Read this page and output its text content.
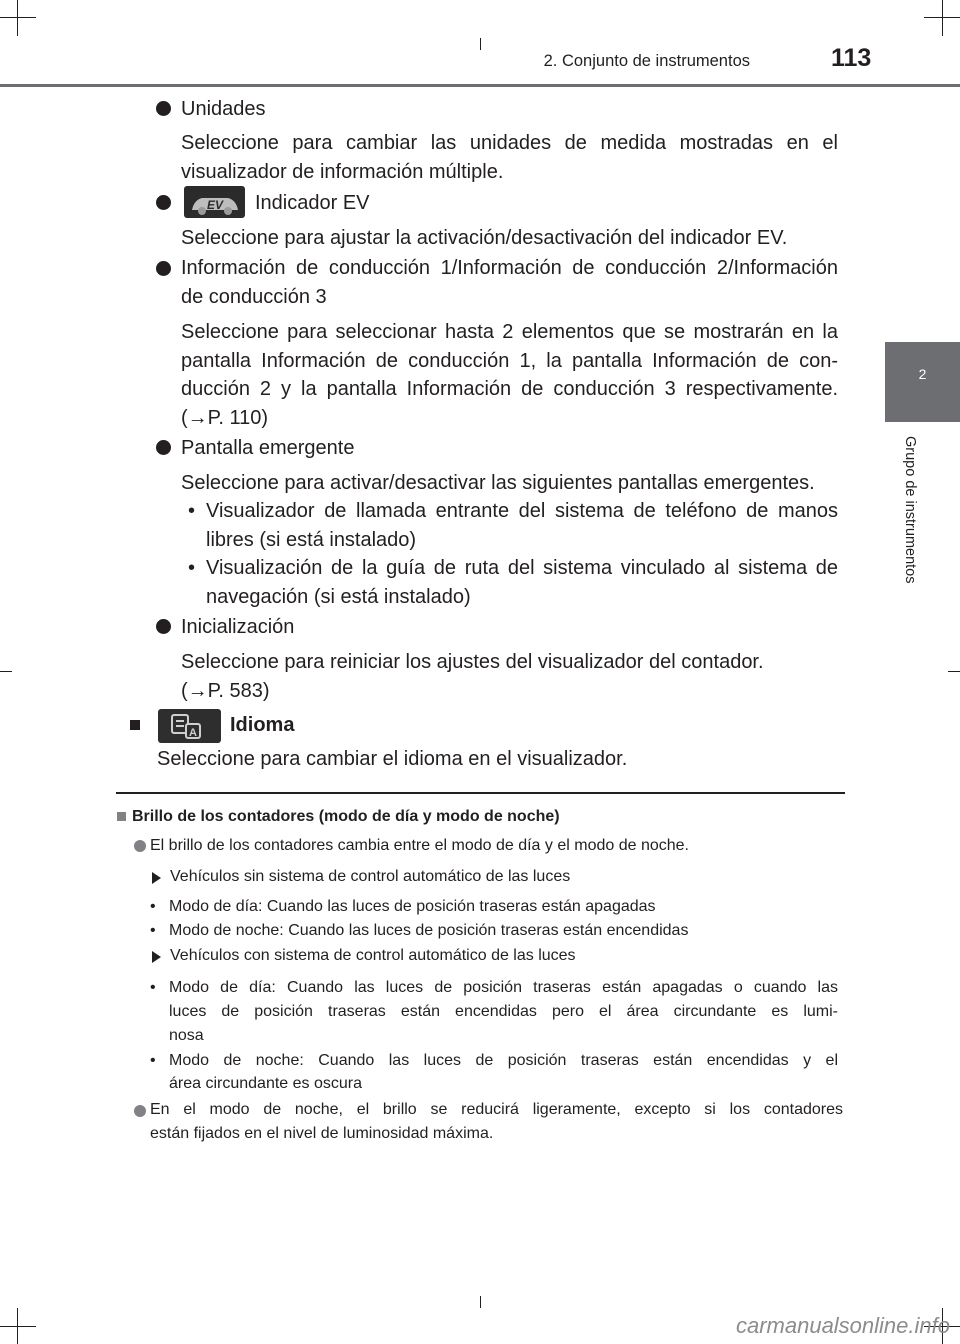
2. Conjunto de instrumentos	113
2
Grupo de instrumentos
Unidades
Seleccione para cambiar las unidades de medida mostradas en el
visualizador de información múltiple.
EV Indicador EV
Seleccione para ajustar la activación/desactivación del indicador EV.
Información de conducción 1/Información de conducción 2/Información
de conducción 3
Seleccione para seleccionar hasta 2 elementos que se mostrarán en la
pantalla Información de conducción 1, la pantalla Información de con-
ducción 2 y la pantalla Información de conducción 3 respectivamente.
(→P. 110)
Pantalla emergente
Seleccione para activar/desactivar las siguientes pantallas emergentes.
• Visualizador de llamada entrante del sistema de teléfono de manos
libres (si está instalado)
• Visualización de la guía de ruta del sistema vinculado al sistema de
navegación (si está instalado)
Inicialización
Seleccione para reiniciar los ajustes del visualizador del contador.
(→P. 583)
A Idioma
Seleccione para cambiar el idioma en el visualizador.
Brillo de los contadores (modo de día y modo de noche)
El brillo de los contadores cambia entre el modo de día y el modo de noche.
Vehículos sin sistema de control automático de las luces
• Modo de día: Cuando las luces de posición traseras están apagadas
• Modo de noche: Cuando las luces de posición traseras están encendidas
Vehículos con sistema de control automático de las luces
• Modo de día: Cuando las luces de posición traseras están apagadas o cuando las
luces de posición traseras están encendidas pero el área circundante es lumi-
nosa
• Modo de noche: Cuando las luces de posición traseras están encendidas y el
área circundante es oscura
En el modo de noche, el brillo se reducirá ligeramente, excepto si los contadores
están fijados en el nivel de luminosidad máxima.
carmanualsonline.info
